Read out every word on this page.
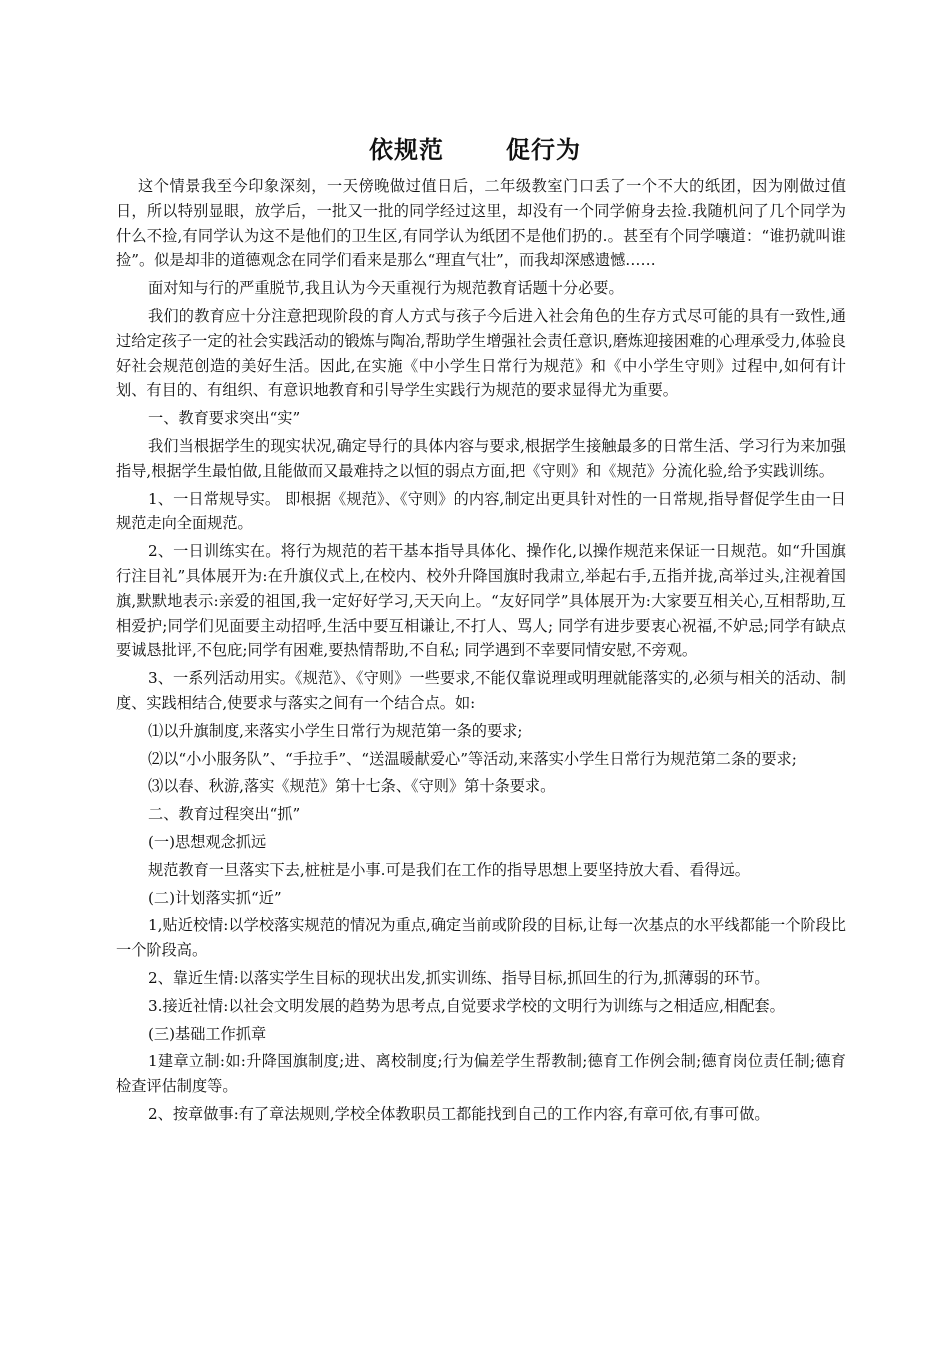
依规范	促行为

这个情景我至今印象深刻，一天傍晚做过值日后，二年级教室门口丢了一个不大的纸团，因为刚做过值日，所以特别显眼，放学后，一批又一批的同学经过这里，却没有一个同学俯身去捡.我随机问了几个同学为什么不捡,有同学认为这不是他们的卫生区,有同学认为纸团不是他们扔的.。甚至有个同学嚷道：“谁扔就叫谁捡”。似是却非的道德观念在同学们看来是那么“理直气壮”，而我却深感遗憾……

面对知与行的严重脱节,我且认为今天重视行为规范教育话题十分必要。

我们的教育应十分注意把现阶段的育人方式与孩子今后进入社会角色的生存方式尽可能的具有一致性,通过给定孩子一定的社会实践活动的锻炼与陶冶,帮助学生增强社会责任意识,磨炼迎接困难的心理承受力,体验良好社会规范创造的美好生活。因此,在实施《中小学生日常行为规范》和《中小学生守则》过程中,如何有计划、有目的、有组织、有意识地教育和引导学生实践行为规范的要求显得尤为重要。

一、教育要求突出“实”

我们当根据学生的现实状况,确定导行的具体内容与要求,根据学生接触最多的日常生活、学习行为来加强指导,根据学生最怕做,且能做而又最难持之以恒的弱点方面,把《守则》和《规范》分流化验,给予实践训练。

1、一日常规导实。 即根据《规范》、《守则》的内容,制定出更具针对性的一日常规,指导督促学生由一日规范走向全面规范。

2、一日训练实在。将行为规范的若干基本指导具体化、操作化,以操作规范来保证一日规范。如“升国旗行注目礼”具体展开为:在升旗仪式上,在校内、校外升降国旗时我肃立,举起右手,五指并拢,高举过头,注视着国旗,默默地表示:亲爱的祖国,我一定好好学习,天天向上。“友好同学”具体展开为:大家要互相关心,互相帮助,互相爱护;同学们见面要主动招呼,生活中要互相谦让,不打人、骂人; 同学有进步要衷心祝福,不妒忌;同学有缺点要诚恳批评,不包庇;同学有困难,要热情帮助,不自私; 同学遇到不幸要同情安慰,不旁观。

3、一系列活动用实。《规范》、《守则》一些要求,不能仅靠说理或明理就能落实的,必须与相关的活动、制度、实践相结合,使要求与落实之间有一个结合点。如:

⑴以升旗制度,来落实小学生日常行为规范第一条的要求;

⑵以“小小服务队”、“手拉手”、“送温暖献爱心”等活动,来落实小学生日常行为规范第二条的要求;

⑶以春、秋游,落实《规范》第十七条、《守则》第十条要求。

二、教育过程突出“抓”

(一)思想观念抓远

规范教育一旦落实下去,桩桩是小事.可是我们在工作的指导思想上要坚持放大看、看得远。

(二)计划落实抓“近”

1,贴近校情:以学校落实规范的情况为重点,确定当前或阶段的目标,让每一次基点的水平线都能一个阶段比一个阶段高。

2、靠近生情:以落实学生目标的现状出发,抓实训练、指导目标,抓回生的行为,抓薄弱的环节。

3.接近社情:以社会文明发展的趋势为思考点,自觉要求学校的文明行为训练与之相适应,相配套。

(三)基础工作抓章

1建章立制:如:升降国旗制度;进、离校制度;行为偏差学生帮教制;德育工作例会制;德育岗位责任制;德育检查评估制度等。

2、按章做事:有了章法规则,学校全体教职员工都能找到自己的工作内容,有章可依,有事可做。
